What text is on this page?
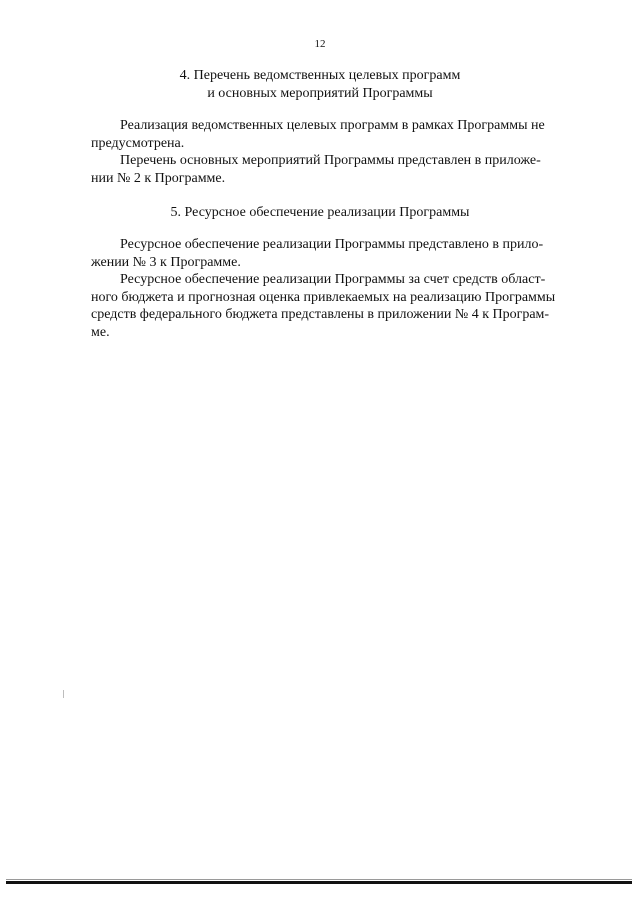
12
4. Перечень ведомственных целевых программ
и основных мероприятий Программы
Реализация ведомственных целевых программ в рамках Программы не
предусмотрена.
Перечень основных мероприятий Программы представлен в приложе-
нии № 2 к Программе.
5. Ресурсное обеспечение реализации Программы
Ресурсное обеспечение реализации Программы представлено в прило-
жении № 3 к Программе.
Ресурсное обеспечение реализации Программы за счет средств област-
ного бюджета и прогнозная оценка привлекаемых на реализацию Программы
средств федерального бюджета представлены в приложении № 4 к Програм-
ме.
